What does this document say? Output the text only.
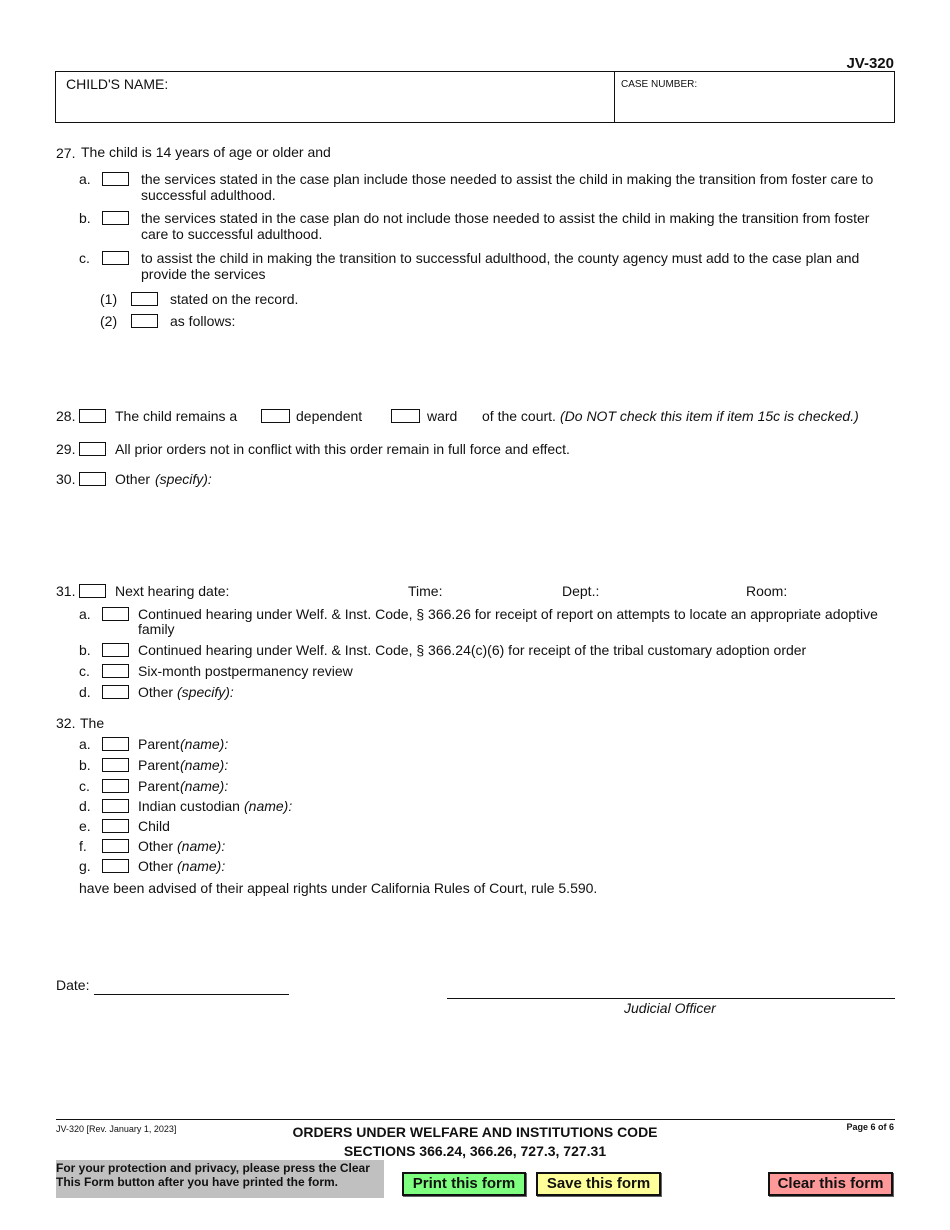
JV-320
CHILD'S NAME:	CASE NUMBER:
27. The child is 14 years of age or older and
a.	the services stated in the case plan include those needed to assist the child in making the transition from foster care to
successful adulthood.
b.	the services stated in the case plan do not include those needed to assist the child in making the transition from foster
care to successful adulthood.
c.	to assist the child in making the transition to successful adulthood, the county agency must add to the case plan and
provide the services
(1)	stated on the record.
(2)	as follows:
28.	The child remains a	dependent	ward of the court. (Do NOT check this item if item 15c is checked.)
29.	All prior orders not in conflict with this order remain in full force and effect.
30.	Other (specify):
31.	Next hearing date:	Time:	Dept.:	Room:
a.	Continued hearing under Welf. & Inst. Code, § 366.26 for receipt of report on attempts to locate an appropriate adoptive
family
b.	Continued hearing under Welf. & Inst. Code, § 366.24(c)(6) for receipt of the tribal customary adoption order
c.	Six-month postpermanency review
d.	Other (specify):
32. The
a.	Parent (name):
b.	Parent (name):
c.	Parent (name):
d.	Indian custodian (name):
e.	Child
f.	Other (name):
g.	Other (name):
have been advised of their appeal rights under California Rules of Court, rule 5.590.
Date:
Judicial Officer
JV-320 [Rev. January 1, 2023]	ORDERS UNDER WELFARE AND INSTITUTIONS CODE
SECTIONS 366.24, 366.26, 727.3, 727.31
Page 6 of 6
For your protection and privacy, please press the Clear
This Form button after you have printed the form.	Print this form	Save this form	Clear this form
